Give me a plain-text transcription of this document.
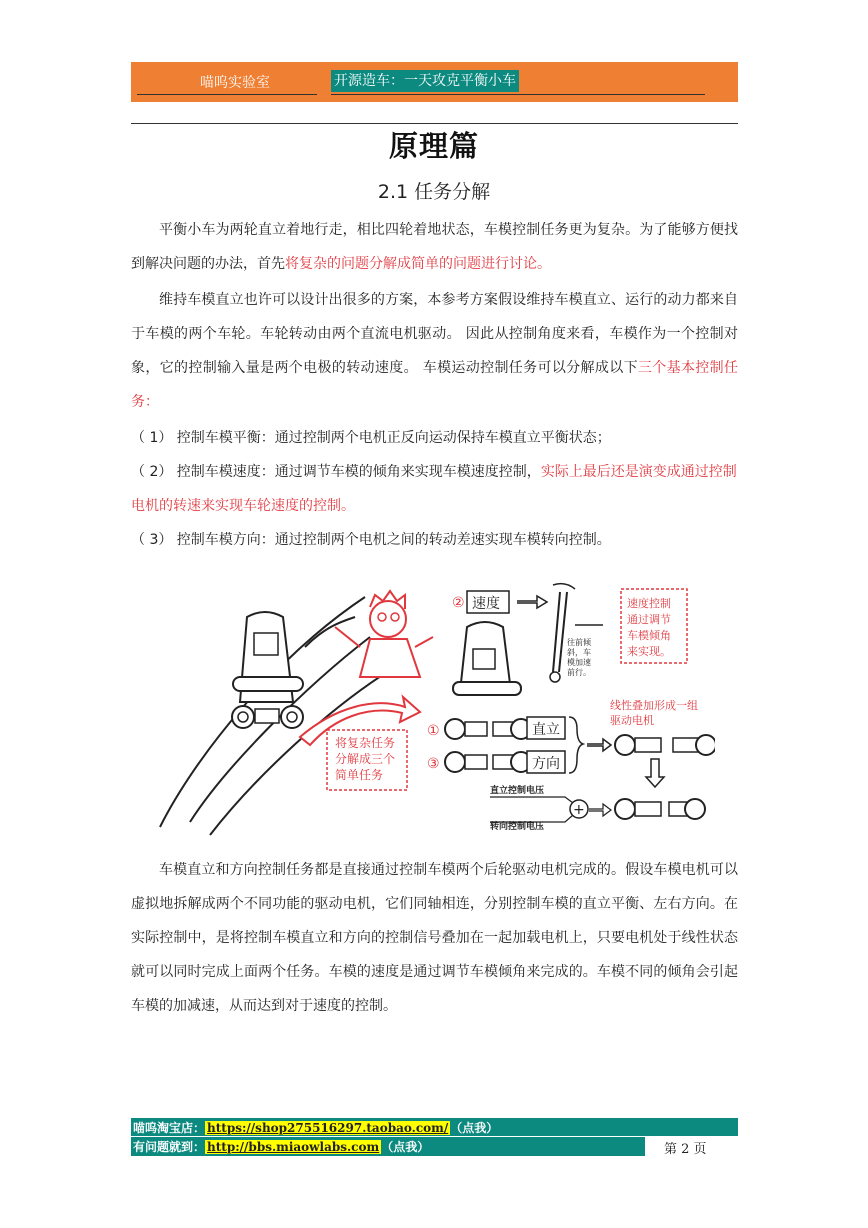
喵呜实验室	开源造车：一天攻克平衡小车
原理篇
2.1 任务分解

平衡小车为两轮直立着地行走，相比四轮着地状态，车模控制任务更为复杂。为了能够方便找到解决问题的办法，首先将复杂的问题分解成简单的问题进行讨论。

维持车模直立也许可以设计出很多的方案，本参考方案假设维持车模直立、运行的动力都来自于车模的两个车轮。车轮转动由两个直流电机驱动。 因此从控制角度来看，车模作为一个控制对象，它的控制输入量是两个电极的转动速度。 车模运动控制任务可以分解成以下三个基本控制任务：

（ 1） 控制车模平衡：通过控制两个电机正反向运动保持车模直立平衡状态；
（ 2） 控制车模速度：通过调节车模的倾角来实现车模速度控制，实际上最后还是演变成通过控制电机的转速来实现车轮速度的控制。
（ 3） 控制车模方向：通过控制两个电机之间的转动差速实现车模转向控制。
将复杂任务
分解成三个
简单任务
①
③
直立
方向
线性叠加形成一组
驱动电机
② 速度
往前倾
斜，车
模加速
前行。
速度控制
通过调节
车模倾角
来实现。
直立控制电压
转向控制电压
+

车模直立和方向控制任务都是直接通过控制车模两个后轮驱动电机完成的。假设车模电机可以虚拟地拆解成两个不同功能的驱动电机，它们同轴相连，分别控制车模的直立平衡、左右方向。在实际控制中，是将控制车模直立和方向的控制信号叠加在一起加载电机上，只要电机处于线性状态就可以同时完成上面两个任务。车模的速度是通过调节车模倾角来完成的。车模不同的倾角会引起车模的加减速，从而达到对于速度的控制。

喵呜淘宝店： https://shop275516297.taobao.com/ （点我）
有问题就到： http://bbs.miaowlabs.com （点我）	第 2 页
